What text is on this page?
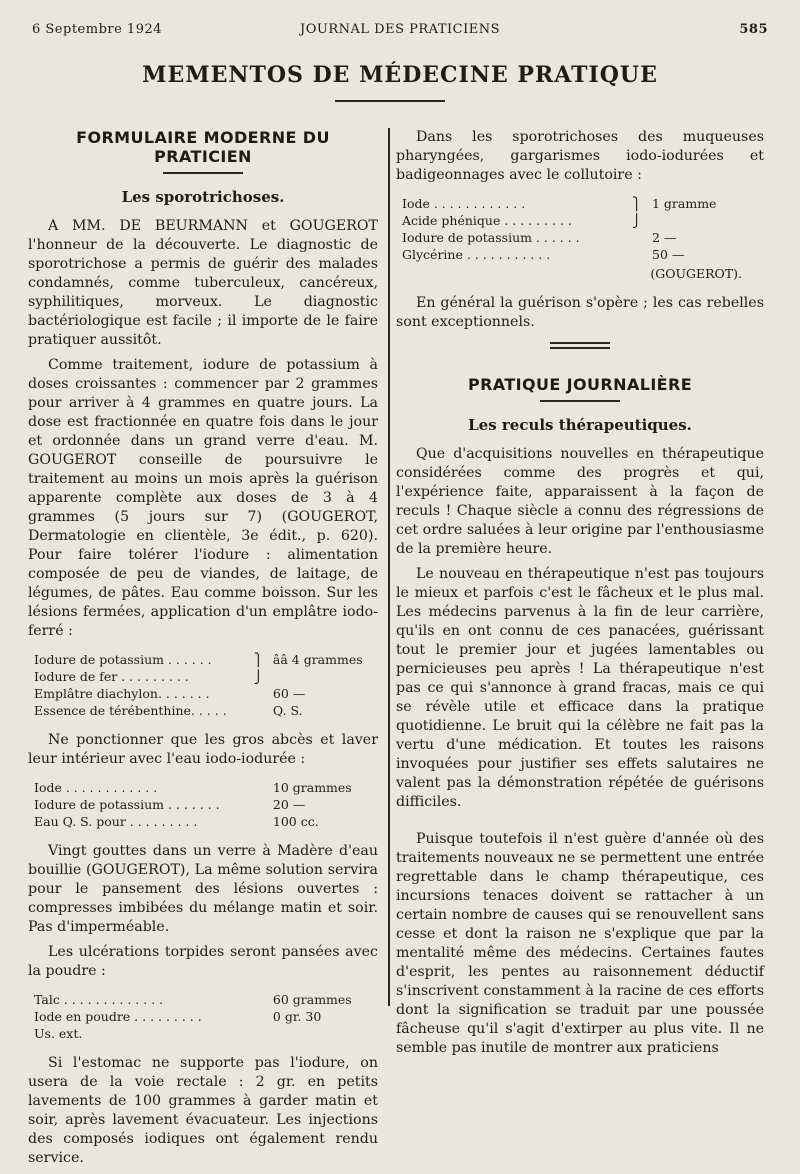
6 Septembre 1924	JOURNAL DES PRATICIENS	585
MEMENTOS DE MÉDECINE PRATIQUE
FORMULAIRE MODERNE DU PRATICIEN
Les sporotrichoses.

A MM. DE BEURMANN et GOUGEROT l'honneur de la découverte. Le diagnostic de sporotrichose a permis de guérir des malades condamnés, comme tuberculeux, cancéreux, syphilitiques, morveux. Le diagnostic bactériologique est facile ; il importe de le faire pratiquer aussitôt.

Comme traitement, iodure de potassium à doses croissantes : commencer par 2 grammes pour arriver à 4 grammes en quatre jours. La dose est fractionnée en quatre fois dans le jour et ordonnée dans un grand verre d'eau. M. GOUGEROT conseille de poursuivre le traitement au moins un mois après la guérison apparente complète aux doses de 3 à 4 grammes (5 jours sur 7) (GOUGEROT, Dermatologie en clientèle, 3e édit., p. 620). Pour faire tolérer l'iodure : alimentation composée de peu de viandes, de laitage, de légumes, de pâtes. Eau comme boisson. Sur les lésions fermées, application d'un emplâtre iodo-ferré :

Iodure de potassium . . . . . .	⎫ ââ 4 grammes
Iodure de fer . . . . . . . . .	⎭
Emplâtre diachylon. . . . . . .	60 —
Essence de térébenthine. . . . .	Q. S.

Ne ponctionner que les gros abcès et laver leur intérieur avec l'eau iodo-iodurée :

Iode . . . . . . . . . . . .	10 grammes
Iodure de potassium . . . . . . .	20 —
Eau Q. S. pour . . . . . . . . .	100 cc.

Vingt gouttes dans un verre à Madère d'eau bouillie (GOUGEROT), La même solution servira pour le pansement des lésions ouvertes : compresses imbibées du mélange matin et soir. Pas d'imperméable.

Les ulcérations torpides seront pansées avec la poudre :

Talc . . . . . . . . . . . . .	60 grammes
Iode en poudre . . . . . . . . .	0 gr. 30
Us. ext.

Si l'estomac ne supporte pas l'iodure, on usera de la voie rectale : 2 gr. en petits lavements de 100 grammes à garder matin et soir, après lavement évacuateur. Les injections des composés iodiques ont également rendu service.

Dans les sporotrichoses des muqueuses pharyngées, gargarismes iodo-iodurées et badigeonnages avec le collutoire :

Iode . . . . . . . . . . . .	⎫ 1 gramme
Acide phénique . . . . . . . . .	⎭
Iodure de potassium . . . . . .	2 —
Glycérine . . . . . . . . . . .	50 —
(GOUGEROT).

En général la guérison s'opère ; les cas rebelles sont exceptionnels.

PRATIQUE JOURNALIÈRE
Les reculs thérapeutiques.

Que d'acquisitions nouvelles en thérapeutique considérées comme des progrès et qui, l'expérience faite, apparaissent à la façon de reculs ! Chaque siècle a connu des régressions de cet ordre saluées à leur origine par l'enthousiasme de la première heure.

Le nouveau en thérapeutique n'est pas toujours le mieux et parfois c'est le fâcheux et le plus mal. Les médecins parvenus à la fin de leur carrière, qu'ils en ont connu de ces panacées, guérissant tout le premier jour et jugées lamentables ou pernicieuses peu après ! La thérapeutique n'est pas ce qui s'annonce à grand fracas, mais ce qui se révèle utile et efficace dans la pratique quotidienne. Le bruit qui la célèbre ne fait pas la vertu d'une médication. Et toutes les raisons invoquées pour justifier ses effets salutaires ne valent pas la démonstration répétée de guérisons difficiles.

Puisque toutefois il n'est guère d'année où des traitements nouveaux ne se permettent une entrée regrettable dans le champ thérapeutique, ces incursions tenaces doivent se rattacher à un certain nombre de causes qui se renouvellent sans cesse et dont la raison ne s'explique que par la mentalité même des médecins. Certaines fautes d'esprit, les pentes au raisonnement déductif s'inscrivent constamment à la racine de ces efforts dont la signification se traduit par une poussée fâcheuse qu'il s'agit d'extirper au plus vite. Il ne semble pas inutile de montrer aux praticiens
